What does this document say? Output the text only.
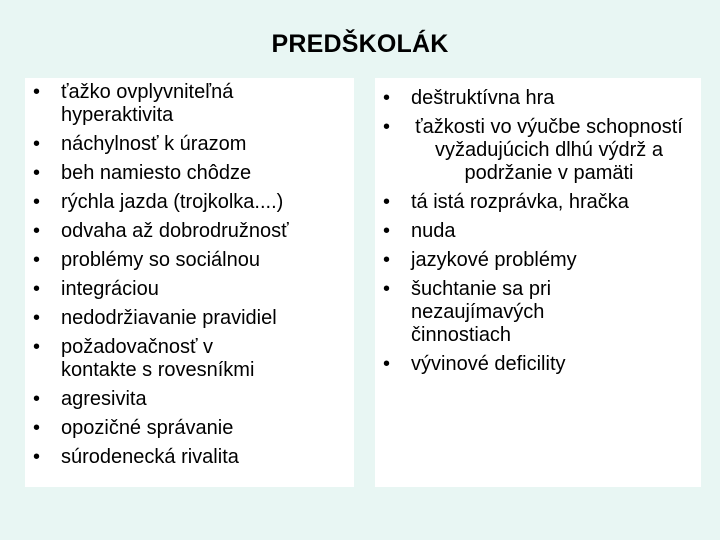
PREDŠKOLÁK
• ťažko ovplyvniteľná hyperaktivita
• náchylnosť k úrazom
• beh namiesto chôdze
• rýchla jazda (trojkolka....)
• odvaha až dobrodružnosť
• problémy so sociálnou
• integráciou
• nedodržiavanie pravidiel
• požadovačnosť v kontakte s rovesníkmi
• agresivita
• opozičné správanie
• súrodenecká rivalita
• deštruktívna hra
• ťažkosti vo výučbe schopností vyžadujúcich dlhú výdrž a podržanie v pamäti
• tá istá rozprávka, hračka
• nuda
• jazykové problémy
• šuchtanie sa pri nezaujímavých činnostiach
• vývinové deficility
